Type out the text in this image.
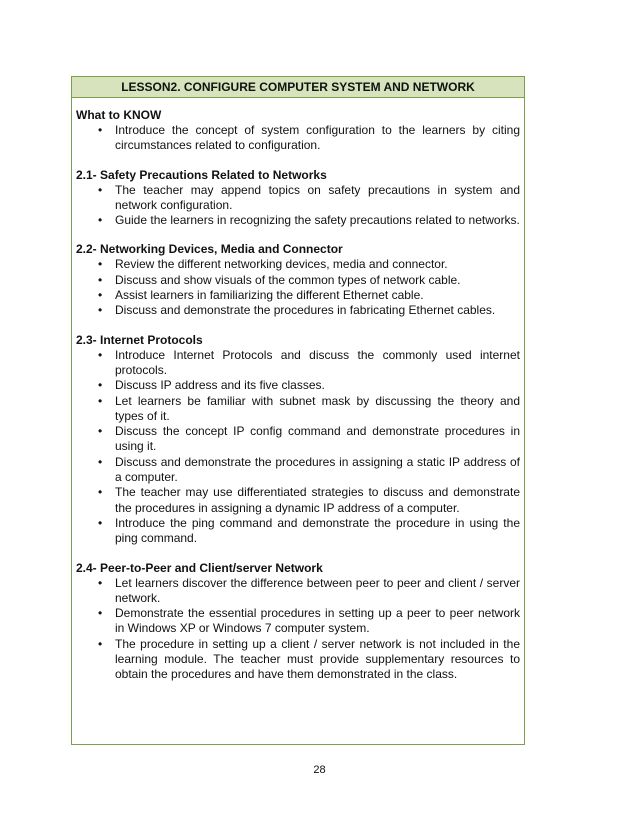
LESSON2. CONFIGURE COMPUTER SYSTEM AND NETWORK

What to KNOW

• Introduce the concept of system configuration to the learners by citing circumstances related to configuration.

2.1- Safety Precautions Related to Networks

• The teacher may append topics on safety precautions in system and network configuration.
• Guide the learners in recognizing the safety precautions related to networks.

2.2- Networking Devices, Media and Connector

• Review the different networking devices, media and connector.
• Discuss and show visuals of the common types of network cable.
• Assist learners in familiarizing the different Ethernet cable.
• Discuss and demonstrate the procedures in fabricating Ethernet cables.

2.3- Internet Protocols

• Introduce Internet Protocols and discuss the commonly used internet protocols.
• Discuss IP address and its five classes.
• Let learners be familiar with subnet mask by discussing the theory and types of it.
• Discuss the concept IP config command and demonstrate procedures in using it.
• Discuss and demonstrate the procedures in assigning a static IP address of a computer.
• The teacher may use differentiated strategies to discuss and demonstrate the procedures in assigning a dynamic IP address of a computer.
• Introduce the ping command and demonstrate the procedure in using the ping command.

2.4- Peer-to-Peer and Client/server Network

• Let learners discover the difference between peer to peer and client / server network.
• Demonstrate the essential procedures in setting up a peer to peer network in Windows XP or Windows 7 computer system.
• The procedure in setting up a client / server network is not included in the learning module. The teacher must provide supplementary resources to obtain the procedures and have them demonstrated in the class.
28
